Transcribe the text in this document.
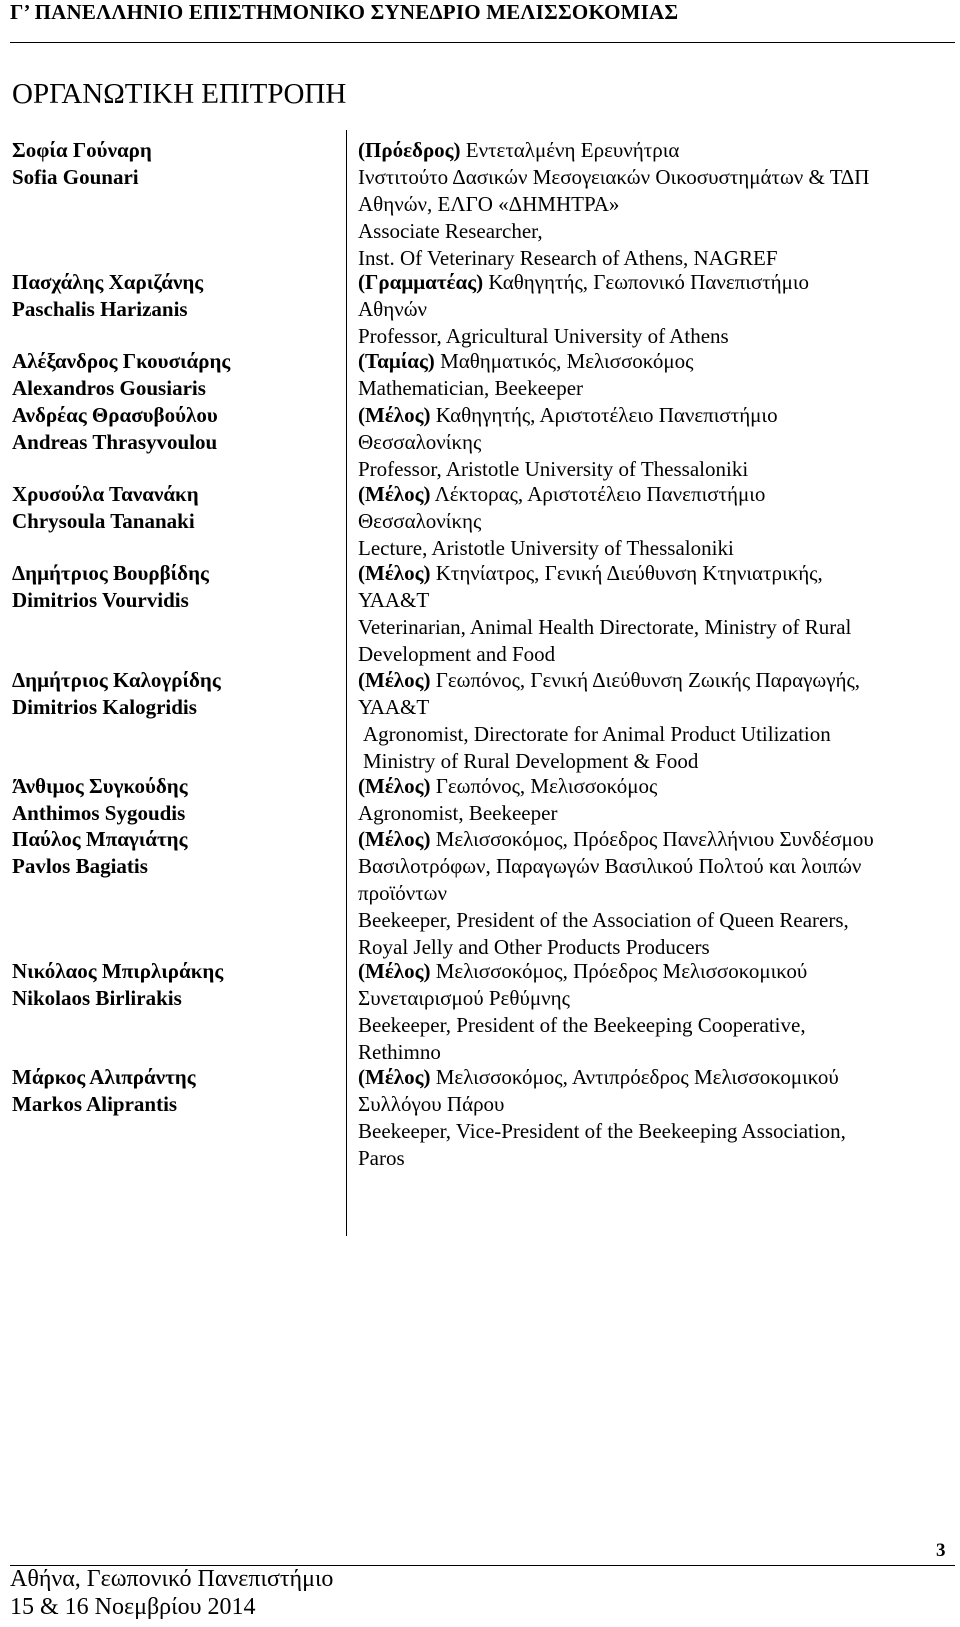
Γ’ ΠΑΝΕΛΛΗΝΙΟ ΕΠΙΣΤΗΜΟΝΙΚΟ ΣΥΝΕΔΡΙΟ ΜΕΛΙΣΣΟΚΟΜΙΑΣ
ΟΡΓΑΝΩΤΙΚΗ ΕΠΙΤΡΟΠΗ
Σοφία Γούναρη
Sofia Gounari
(Πρόεδρος) Εντεταλμένη Ερευνήτρια
Ινστιτούτο Δασικών Μεσογειακών Οικοσυστημάτων & ΤΔΠ
Αθηνών, ΕΛΓΟ «ΔΗΜΗΤΡΑ»
Associate Researcher,
Inst. Of Veterinary Research of Athens, NAGREF
Πασχάλης Χαριζάνης
Paschalis Harizanis
(Γραμματέας) Καθηγητής, Γεωπονικό Πανεπιστήμιο
Αθηνών
Professor, Agricultural University of Athens
Αλέξανδρος Γκουσιάρης
Alexandros Gousiaris
(Ταμίας) Μαθηματικός, Μελισσοκόμος
Mathematician, Beekeeper
Ανδρέας Θρασυβούλου
Andreas Thrasyvoulou
(Μέλος) Καθηγητής, Αριστοτέλειο Πανεπιστήμιο
Θεσσαλονίκης
Professor, Aristotle University of Thessaloniki
Χρυσούλα Τανανάκη
Chrysoula Tananaki
(Μέλος) Λέκτορας, Αριστοτέλειο Πανεπιστήμιο
Θεσσαλονίκης
Lecture, Aristotle University of Thessaloniki
Δημήτριος Βουρβίδης
Dimitrios Vourvidis
(Μέλος) Κτηνίατρος, Γενική Διεύθυνση Κτηνιατρικής,
ΥΑΑ&Τ
Veterinarian, Animal Health Directorate, Ministry of Rural
Development and Food
Δημήτριος Καλογρίδης
Dimitrios Kalogridis
(Μέλος) Γεωπόνος, Γενική Διεύθυνση Ζωικής Παραγωγής,
ΥΑΑ&Τ
Agronomist, Directorate for Animal Product Utilization
Ministry of Rural Development & Food
Άνθιμος Συγκούδης
Anthimos Sygoudis
(Μέλος) Γεωπόνος, Μελισσοκόμος
Agronomist, Beekeeper
Παύλος Μπαγιάτης
Pavlos Bagiatis
(Μέλος) Μελισσοκόμος, Πρόεδρος Πανελλήνιου Συνδέσμου
Βασιλοτρόφων, Παραγωγών Βασιλικού Πολτού και λοιπών
προϊόντων
Beekeeper, President of the Association of Queen Rearers,
Royal Jelly and Other Products Producers
Νικόλαος Μπιρλιράκης
Nikolaos Birlirakis
(Μέλος) Μελισσοκόμος, Πρόεδρος Μελισσοκομικού
Συνεταιρισμού Ρεθύμνης
Beekeeper, President of the Beekeeping Cooperative,
Rethimno
Μάρκος Αλιπράντης
Markos Aliprantis
(Μέλος) Μελισσοκόμος, Αντιπρόεδρος Μελισσοκομικού
Συλλόγου Πάρου
Beekeeper, Vice-President of the Beekeeping Association,
Paros
3
Αθήνα, Γεωπονικό Πανεπιστήμιο
15 & 16 Νοεμβρίου 2014
